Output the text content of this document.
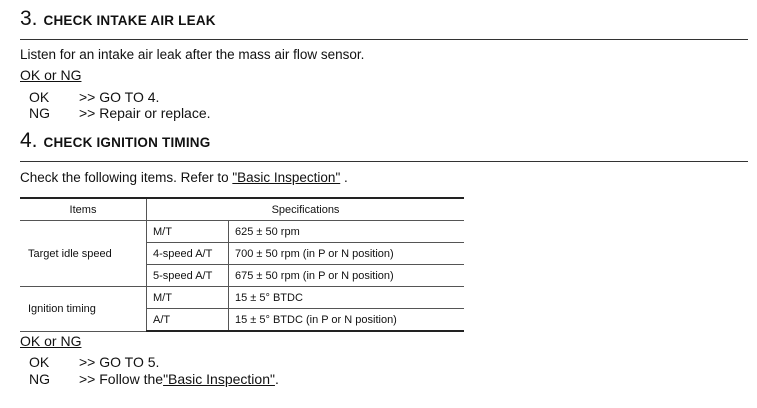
3. CHECK INTAKE AIR LEAK
Listen for an intake air leak after the mass air flow sensor.
OK or NG
OK	>> GO TO 4.
NG	>> Repair or replace.
4. CHECK IGNITION TIMING
Check the following items. Refer to "Basic Inspection" .
Items	Specifications	
Target idle speed	M/T	625 ± 50 rpm
	4-speed A/T	700 ± 50 rpm (in P or N position)
	5-speed A/T	675 ± 50 rpm (in P or N position)
Ignition timing	M/T	15 ± 5° BTDC
	A/T	15 ± 5° BTDC (in P or N position)
OK or NG
OK	>> GO TO 5.
NG	>> Follow the "Basic Inspection" .
